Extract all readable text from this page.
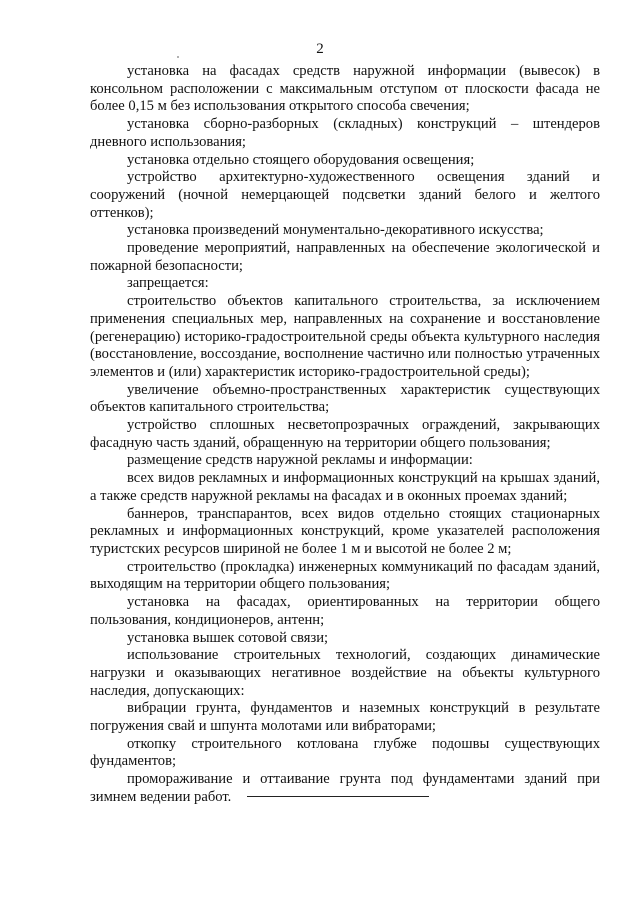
2

установка на фасадах средств наружной информации (вывесок) в консольном расположении с максимальным отступом от плоскости фасада не более 0,15 м без использования открытого способа свечения;

установка сборно-разборных (складных) конструкций – штендеров дневного использования;

установка отдельно стоящего оборудования освещения;

устройство архитектурно-художественного освещения зданий и сооружений (ночной немерцающей подсветки зданий белого и желтого оттенков);

установка произведений монументально-декоративного искусства;

проведение мероприятий, направленных на обеспечение экологической и пожарной безопасности;

запрещается:

строительство объектов капитального строительства, за исключением применения специальных мер, направленных на сохранение и восстановление (регенерацию) историко-градостроительной среды объекта культурного наследия (восстановление, воссоздание, восполнение частично или полностью утраченных элементов и (или) характеристик историко-градостроительной среды);

увеличение объемно-пространственных характеристик существующих объектов капитального строительства;

устройство сплошных несветопрозрачных ограждений, закрывающих фасадную часть зданий, обращенную на территории общего пользования;

размещение средств наружной рекламы и информации:

всех видов рекламных и информационных конструкций на крышах зданий, а также средств наружной рекламы на фасадах и в оконных проемах зданий;

баннеров, транспарантов, всех видов отдельно стоящих стационарных рекламных и информационных конструкций, кроме указателей расположения туристских ресурсов шириной не более 1 м и высотой не более 2 м;

строительство (прокладка) инженерных коммуникаций по фасадам зданий, выходящим на территории общего пользования;

установка на фасадах, ориентированных на территории общего пользования, кондиционеров, антенн;

установка вышек сотовой связи;

использование строительных технологий, создающих динамические нагрузки и оказывающих негативное воздействие на объекты культурного наследия, допускающих:

вибрации грунта, фундаментов и наземных конструкций в результате погружения свай и шпунта молотами или вибраторами;

откопку строительного котлована глубже подошвы существующих фундаментов;

промораживание и оттаивание грунта под фундаментами зданий при зимнем ведении работ.
